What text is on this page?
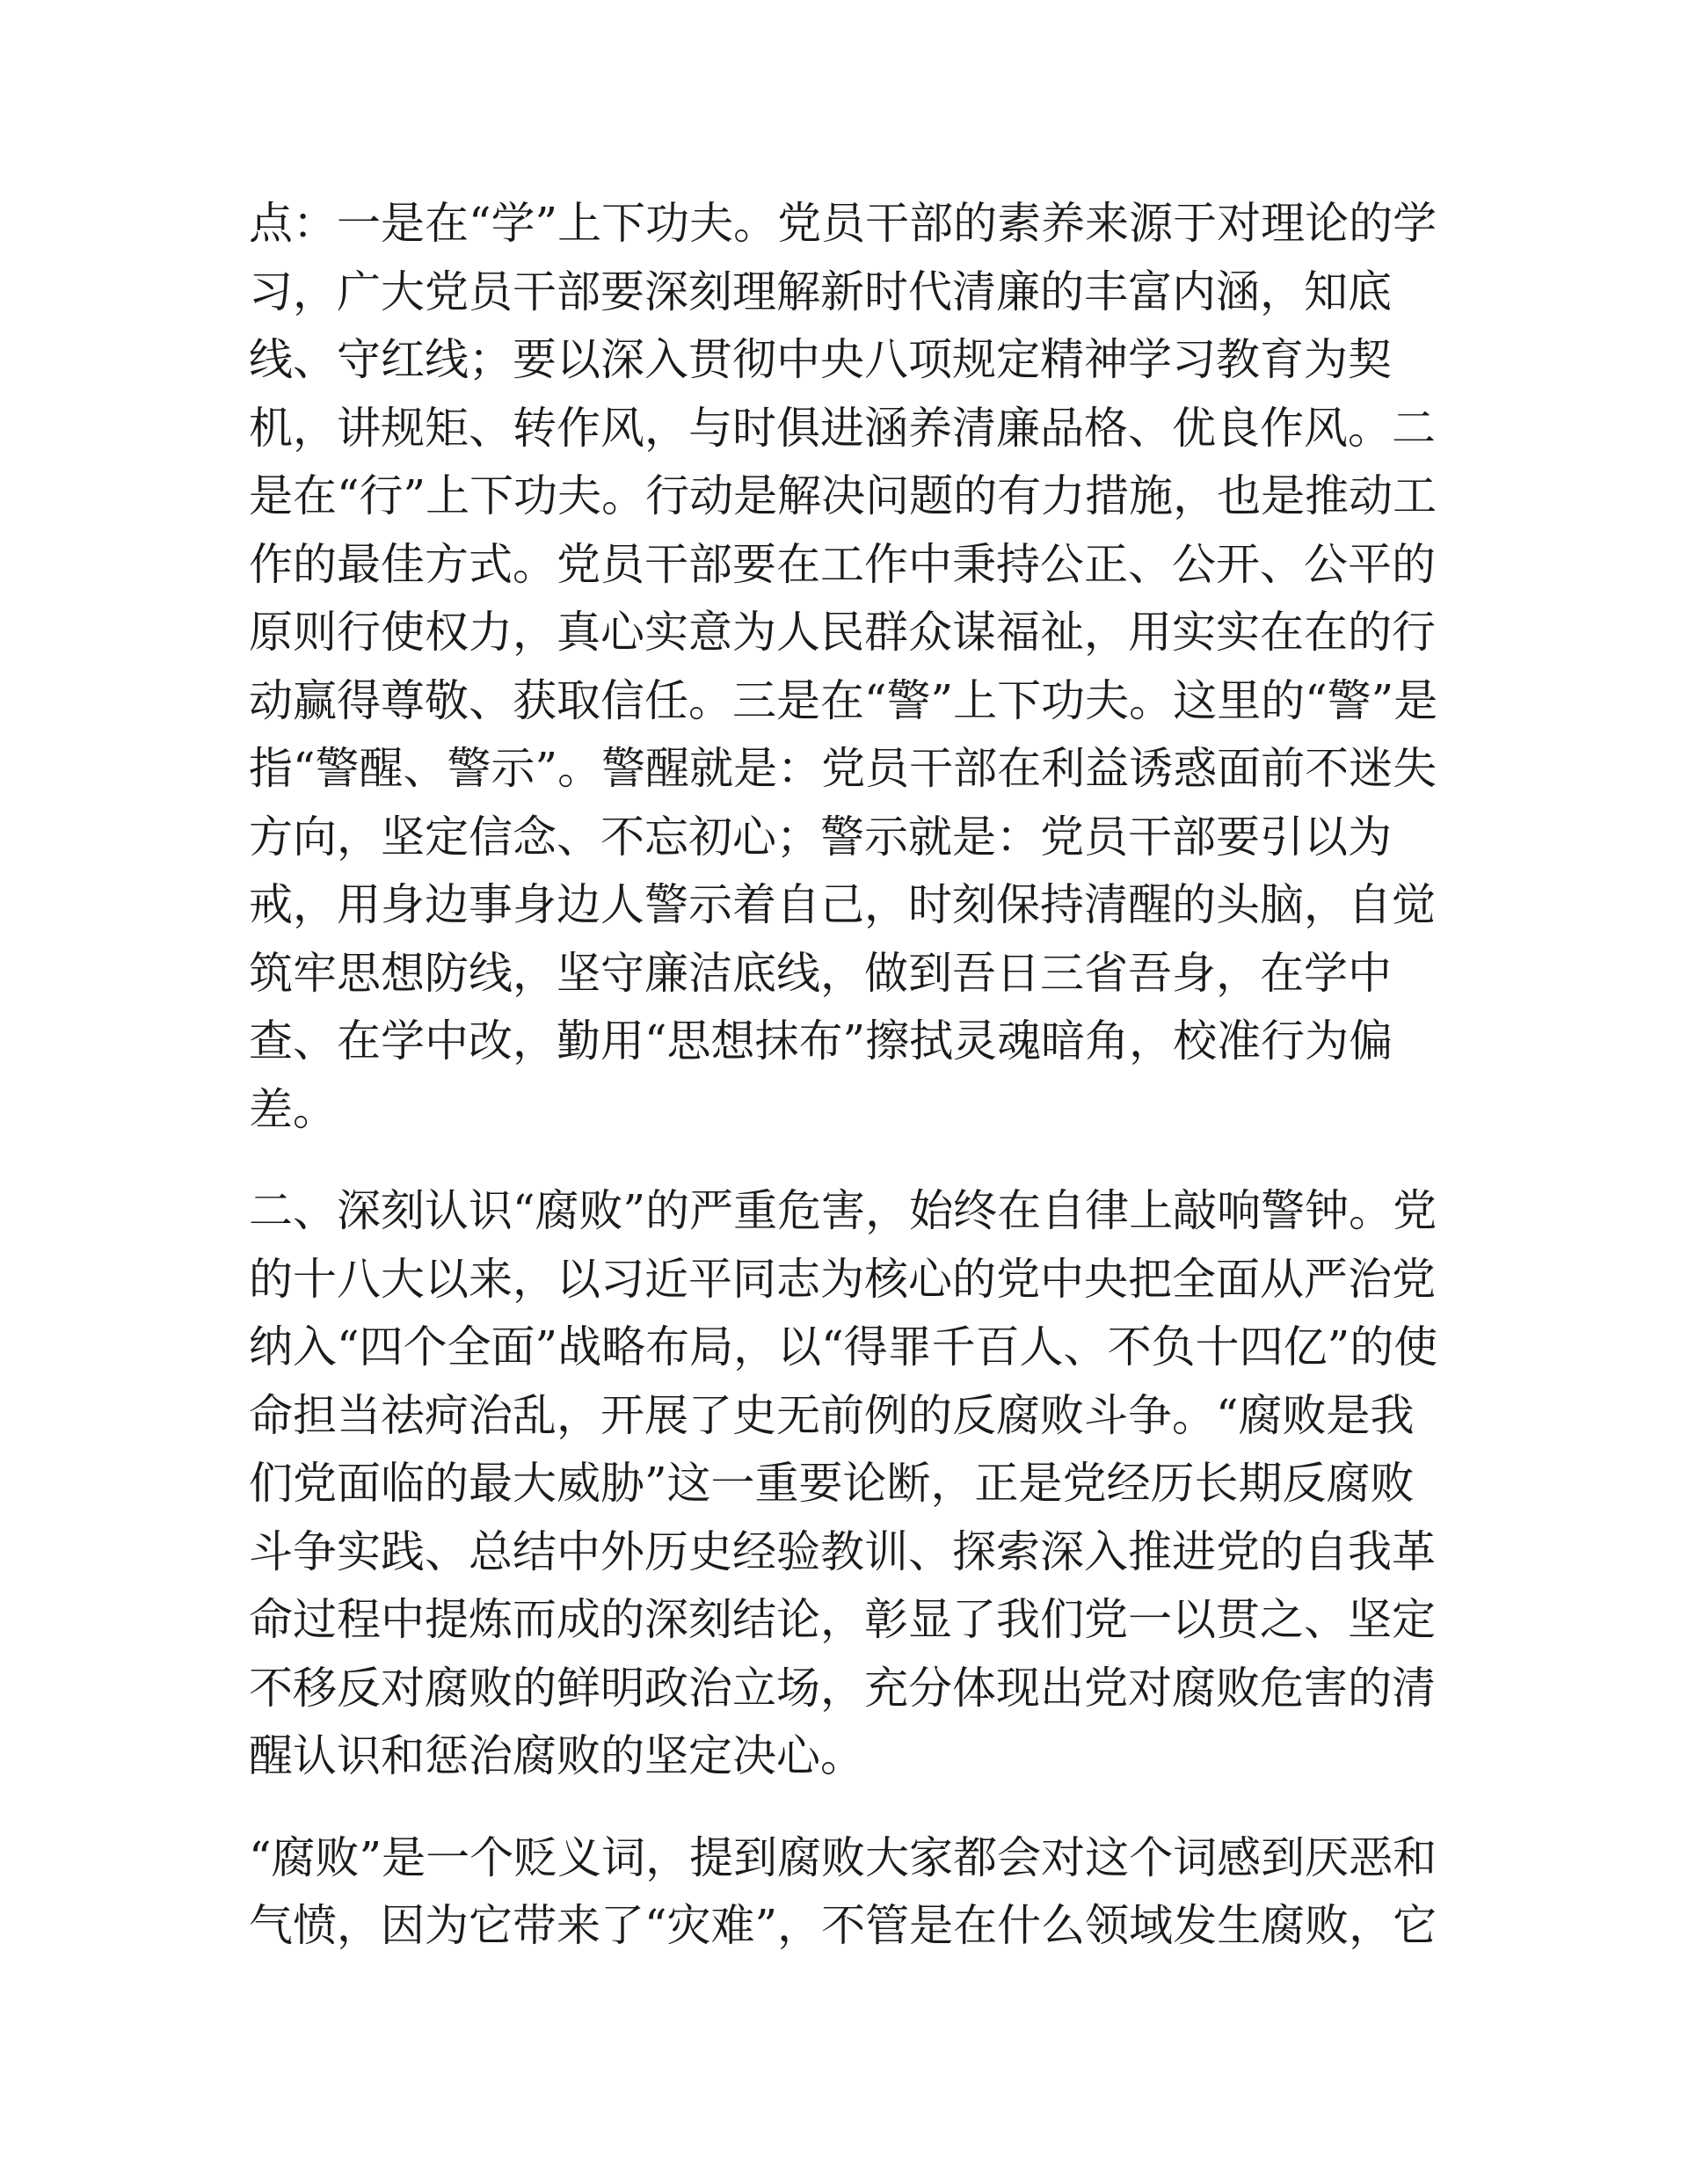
点：一是在“学”上下功夫。党员干部的素养来源于对理论的学
习，广大党员干部要深刻理解新时代清廉的丰富内涵，知底
线、守红线；要以深入贯彻中央八项规定精神学习教育为契
机，讲规矩、转作风，与时俱进涵养清廉品格、优良作风。二
是在“行”上下功夫。行动是解决问题的有力措施，也是推动工
作的最佳方式。党员干部要在工作中秉持公正、公开、公平的
原则行使权力，真心实意为人民群众谋福祉，用实实在在的行
动赢得尊敬、获取信任。三是在“警”上下功夫。这里的“警”是
指“警醒、警示”。警醒就是：党员干部在利益诱惑面前不迷失
方向，坚定信念、不忘初心；警示就是：党员干部要引以为
戒，用身边事身边人警示着自己，时刻保持清醒的头脑，自觉
筑牢思想防线，坚守廉洁底线，做到吾日三省吾身，在学中
查、在学中改，勤用“思想抹布”擦拭灵魂暗角，校准行为偏
差。

二、深刻认识“腐败”的严重危害，始终在自律上敲响警钟。党
的十八大以来，以习近平同志为核心的党中央把全面从严治党
纳入“四个全面”战略布局，以“得罪千百人、不负十四亿”的使
命担当祛疴治乱，开展了史无前例的反腐败斗争。“腐败是我
们党面临的最大威胁”这一重要论断，正是党经历长期反腐败
斗争实践、总结中外历史经验教训、探索深入推进党的自我革
命过程中提炼而成的深刻结论，彰显了我们党一以贯之、坚定
不移反对腐败的鲜明政治立场，充分体现出党对腐败危害的清
醒认识和惩治腐败的坚定决心。

“腐败”是一个贬义词，提到腐败大家都会对这个词感到厌恶和
气愤，因为它带来了“灾难”，不管是在什么领域发生腐败，它
